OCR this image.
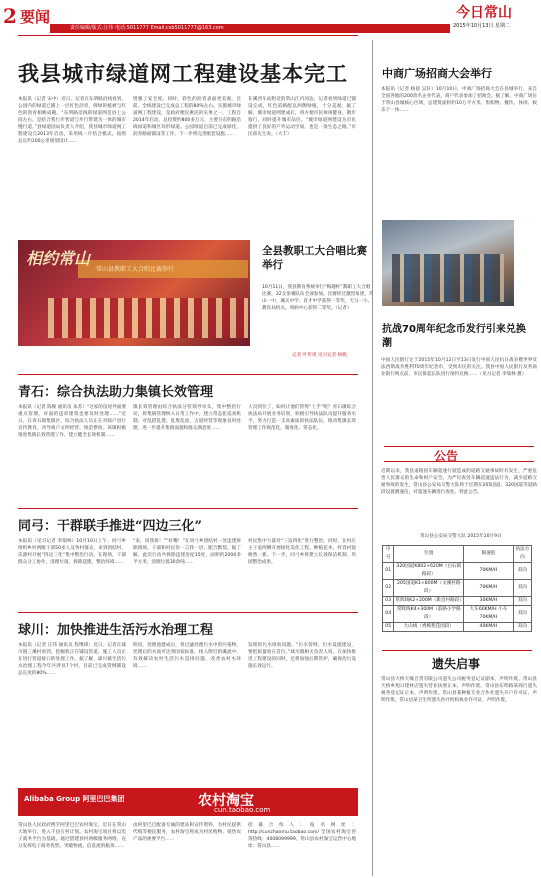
2 要闻
责任编辑/版式:汪伟 电话:5011777 Email:csb5011777@163.com
今日常山
2015年10月13日 星期二
我县城市绿道网工程建设基本完工
本报讯（记者 宋中）近日，记者在东明路沿线看到，公园内的绿道已铺上一层红色沥青，鲜绿的植被与红色的沥青相映成趣。“东明路沿线的绿道网是县上公园左右，是结合我行步智道与步行带建为一体的城市慢行道。”县绿道园局负责人介绍，我县城市绿道网工程建设自2013年启动，采用线一片结合模式，按照总长约100公里规划设计……
增强了安全度。同时，彩色的沥青表面更美观。目前，全线建设已完成总工程的80%左右。实施城市绿道网工程建设，是政府便民惠民的实事之一。工程自2014年启动，总投资约800多万元，主要分东明路沿线绿道和城区环形绿道。公园绿道目前已完成绿化、沥青路面铺设等工作，下一步将完善配套设施……
在溪西车站附近的常山江内河边，记者看到绿道已铺设完成，红色道路配以两侧绿植，十分美观。据了解，城市绿道网建成后，将方便市民休闲健身、散步骑行，同时提升城市品位。“城市绿道网建设为市民提供了良好的户外运动空间，也是一条生态之路。”市民郑先生说。（大丰）
相约常山
常山县教职工大合唱比赛举行
全县教职工大合唱比赛举行
10月11日，我县教育系统举行“梅趣杯”教职工大合唱比赛，32支参赛队伍全部参加。比赛经过激烈角逐，常山一中、城关中学、育才中学获得一等奖，天马一小、教育局机关、周病中心获得二等奖。（记者）
记者 叶传勇 见习记者 杨帆
青石：综合执法助力集镇长效管理
本报讯（记者 陈俊 通讯员 朱苏）“这家的房屋外面要重点管理，对面的违章建筑也要及时处理……”近日，在青石镇集镇区，综合执法人员正在对商户进行宣传教育，劝导商户文明经营、规范摆放。该镇积极推进集镇长效管理工作，建立健全长效机制……
镇长效管理由综合执法分管领导牵头，集中整治行动，将集镇管理纳入日常工作中，建立常态化巡查机制，对乱搭乱建、乱堆乱放、占道经营等现象及时处理，进一步提升集镇面貌和群众满意度……
人员到位了，如何让他们管得“上手”呢？青石镇综合执法局开展业务培训，积极引导执法队员提升服务水平，努力打造一支高素质的执法队伍，推动集镇长效管理工作规范化、制度化、常态化。
同弓：干群联手推进“四边三化”
本报讯（见习记者 李瑞林）10月10日上午，同弓乡组织乡村两级干部50多人及各村群众，来到团结村、乐源村开展“四边三化”集中整治行动。在现场，干部群众分工协作，清理垃圾、拆除违建、整治环境……
“来，同我拆！”“好嘞！”在同弓乡团结村一处违建拆除现场，干部和村民你一言我一语，配合默契。据了解，此次行动共拆除违建房屋15处，面积约2000多平方米，清理垃圾30余吨……
村民集中力量对“三边四化”进行整治，同时，在村庄主干道两侧开展绿化美化工程，种植花木，村容村貌焕然一新。下一步，同弓乡将建立长效保洁机制，巩固整治成果。
球川：加快推进生活污水治理工程
本报讯（记者 汪伟 通讯员 程继锋）近日，记者在球川镇三溪村看到，挖掘机正在铺设管道，施工人员正在进行管道接口的处理工作。据了解，球川镇生活污水治理工程今年共涉及7个村，目前已完成管网铺设总长度的80%……
明说，处理池建成后，将过滤处理污水中的污染物，处理后的水质可达到国家标准，排入附近的溪流中，有效解决农村生活污水直排问题，改善农村水环境……
发现的污水排放问题，“污水管网、污水设施建设，要把质量放在首位。”球川镇相关负责人说，在加快推进工程建设的同时，还将加强后期管护，确保治污设施长效运行。
Alibaba Group 阿里巴巴集团	农村淘宝
cun.taobao.com
常山县人民政府携手阿里巴巴农村淘宝，近日在常山大地举行，进入千县万村计划。农村淘宝项目将以电子商务平台为基础，通过搭建县村两级服务网络，充分发挥电子商务优势，突破物流、信息流的瓶颈……
由阿里巴巴配备专属的建站和宣传资料，为村民提供代购等便民服务，农村淘宝将成为村民购物、销售农产品的重要平台……
招募合伙人：报名网址：http://cunzhaomu.taobao.com/ 全国农村淘宝咨询热线：4008099999。常山县农村淘宝运营中心地址：常山县……
中商广场招商大会举行
本报讯（记者 杨晨 吴轩）10月10日，中商广场招商大会在县城举行。来自全国各地的200余名企业代表、商户代表参加了招商会。据了解，中商广场位于常山县城核心区域，总建筑面积约10万平方米，集购物、餐饮、休闲、娱乐于一体……
抗战70周年纪念币发行引来兑换潮
中国人民银行定于2015年10月12日至13日发行中国人民抗日战争暨世界反法西斯战争胜利70周年纪念币，受到市民的关注。我县中国人民银行及各商业银行网点前，市民排起长队进行预约兑换……（见习记者 李瑞林 摄）
公告
近期以来，我县道路因车辆超速行驶造成的道路交通事故时有发生，严重危害人民群众的生命和财产安全。为严厉查处车辆超速违法行为，减少道路交通事故的发生，常山县公安局交警大队将于近期在205国道、320国道等道路段设置测速仪，对超速车辆进行查处。特此公告。
常山县公安局交警大队 2015年10月9日
序号	位置	限速值	执法方向
01	320国道K802+620M（白石镇路段）	70KM/H	双向
02	205国道K1+800M（文溪村路段）	70KM/H	双向
03	常辉线K2+200M（新昌村路段）	30KM/H	双向
04	常辉线K4+300M（前路小学路段）	大车60KM/H 小车70KM/H	双向
05	大山线（香樟苑花园段）	40KM/H	双向
遗失启事
常山县大桥天缘百货有限公司遗失公司税务登记证副本，声明作废。常山县天桥乡旭日建材店遗失营业执照正本，声明作废。常山县东明路某商行遗失税务登记证正本，声明作废。常山县某种植专业合作社遗失开户许可证，声明作废。常山县某卫生所遗失医疗机构执业许可证，声明作废。
